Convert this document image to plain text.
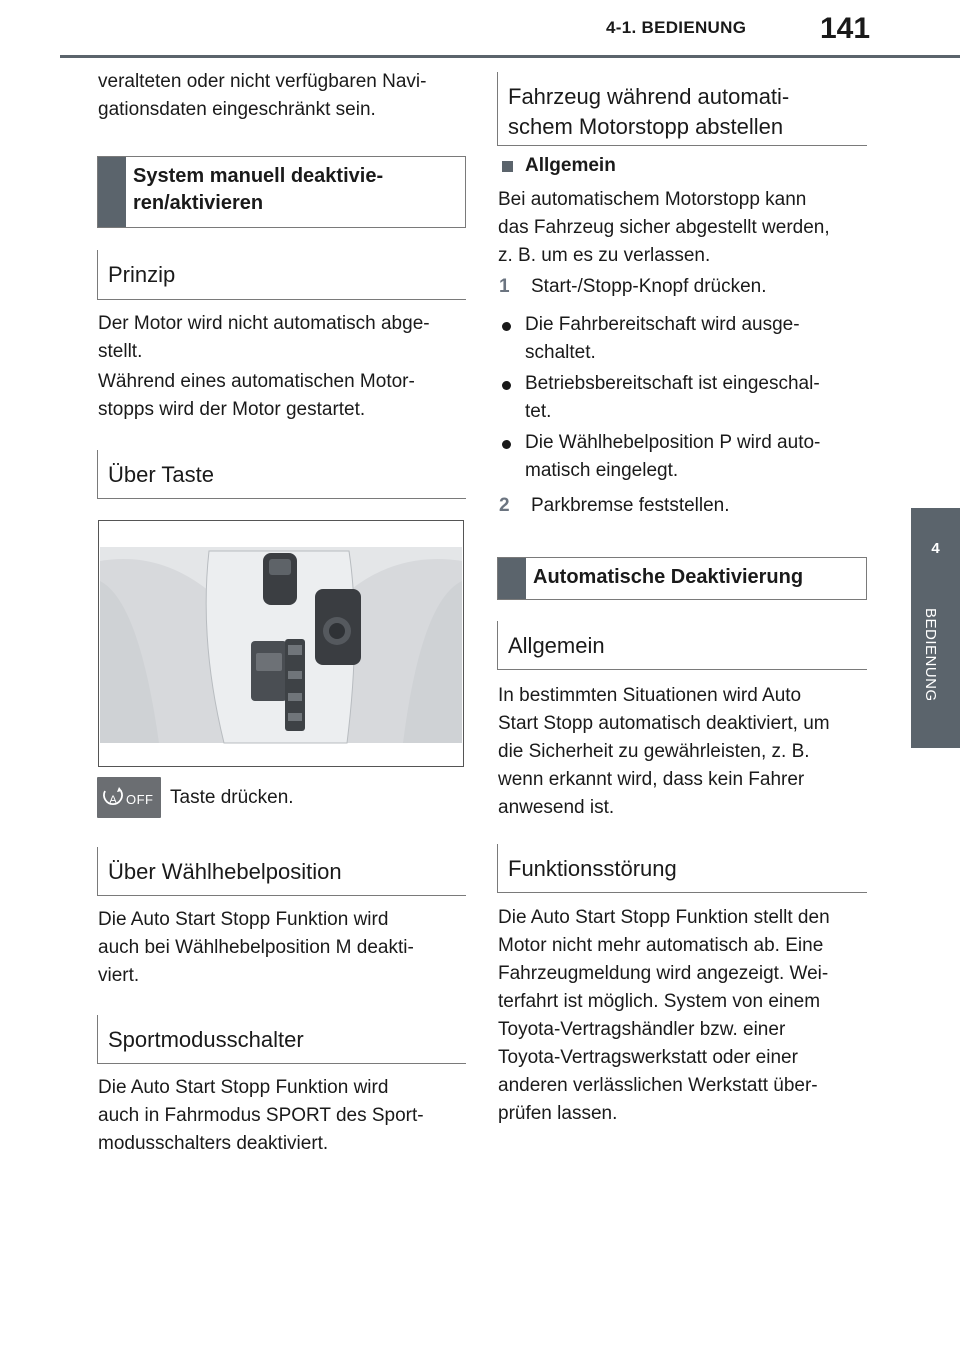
4-1. BEDIENUNG 141
4
BEDIENUNG
veralteten oder nicht verfügbaren Navi-
gationsdaten eingeschränkt sein.
System manuell deaktivie-
ren/aktivieren
Prinzip
Der Motor wird nicht automatisch abge-
stellt.
Während eines automatischen Motor-
stopps wird der Motor gestartet.
Über Taste
A OFF Taste drücken.
Über Wählhebelposition
Die Auto Start Stopp Funktion wird
auch bei Wählhebelposition M deakti-
viert.
Sportmodusschalter
Die Auto Start Stopp Funktion wird
auch in Fahrmodus SPORT des Sport-
modusschalters deaktiviert.
Fahrzeug während automati-
schem Motorstopp abstellen
Allgemein
Bei automatischem Motorstopp kann
das Fahrzeug sicher abgestellt werden,
z. B. um es zu verlassen.
1 Start-/Stopp-Knopf drücken.
Die Fahrbereitschaft wird ausge-
schaltet.
Betriebsbereitschaft ist eingeschal-
tet.
Die Wählhebelposition P wird auto-
matisch eingelegt.
2 Parkbremse feststellen.
Automatische Deaktivierung
Allgemein
In bestimmten Situationen wird Auto
Start Stopp automatisch deaktiviert, um
die Sicherheit zu gewährleisten, z. B.
wenn erkannt wird, dass kein Fahrer
anwesend ist.
Funktionsstörung
Die Auto Start Stopp Funktion stellt den
Motor nicht mehr automatisch ab. Eine
Fahrzeugmeldung wird angezeigt. Wei-
terfahrt ist möglich. System von einem
Toyota-Vertragshändler bzw. einer
Toyota-Vertragswerkstatt oder einer
anderen verlässlichen Werkstatt über-
prüfen lassen.
